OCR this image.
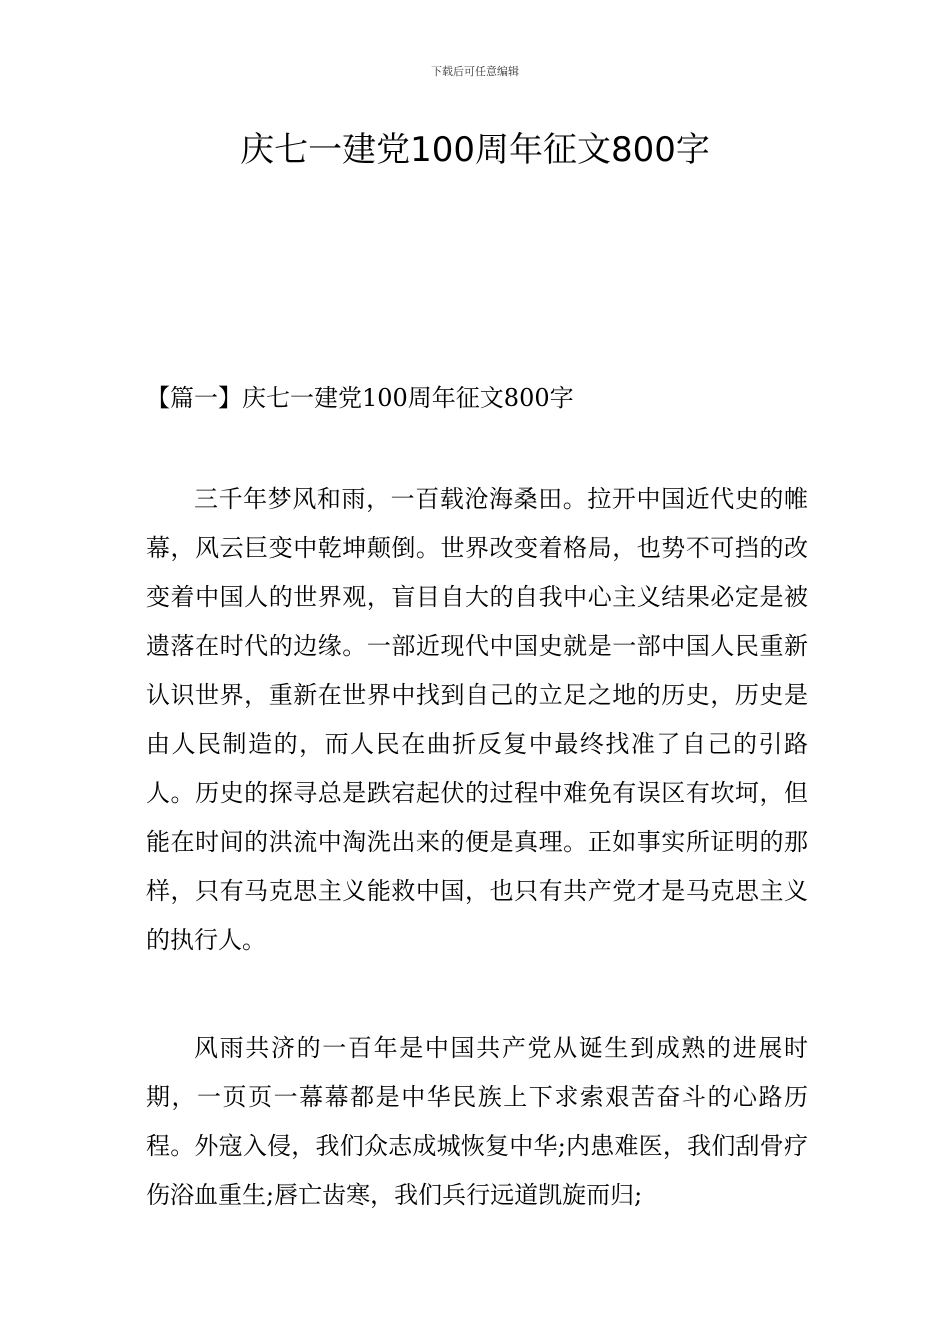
下载后可任意编辑
庆七一建党100周年征文800字
【篇一】庆七一建党100周年征文800字

三千年梦风和雨，一百载沧海桑田。拉开中国近代史的帷幕，风云巨变中乾坤颠倒。世界改变着格局，也势不可挡的改变着中国人的世界观，盲目自大的自我中心主义结果必定是被遗落在时代的边缘。一部近现代中国史就是一部中国人民重新认识世界，重新在世界中找到自己的立足之地的历史，历史是由人民制造的，而人民在曲折反复中最终找准了自己的引路人。历史的探寻总是跌宕起伏的过程中难免有误区有坎坷，但能在时间的洪流中淘洗出来的便是真理。正如事实所证明的那样，只有马克思主义能救中国，也只有共产党才是马克思主义的执行人。

风雨共济的一百年是中国共产党从诞生到成熟的进展时期，一页页一幕幕都是中华民族上下求索艰苦奋斗的心路历程。外寇入侵，我们众志成城恢复中华;内患难医，我们刮骨疗伤浴血重生;唇亡齿寒，我们兵行远道凯旋而归;
